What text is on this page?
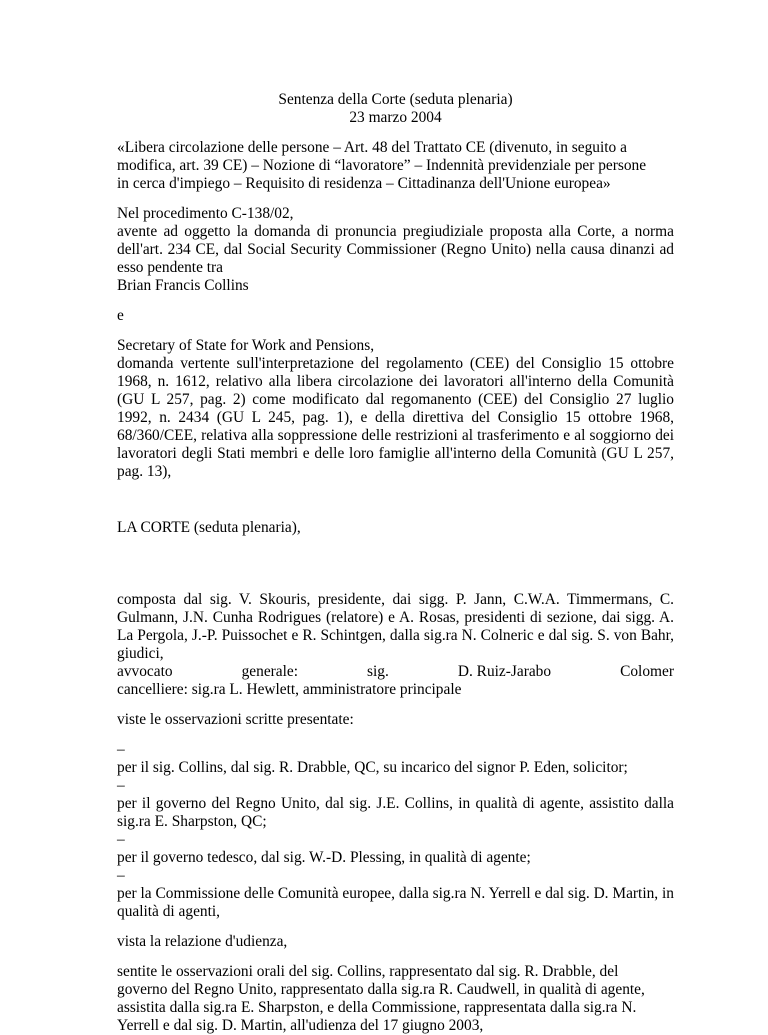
Sentenza della Corte (seduta plenaria)
23 marzo 2004

«Libera circolazione delle persone – Art. 48 del Trattato CE (divenuto, in seguito a
modifica, art. 39 CE) – Nozione di “lavoratore” – Indennità previdenziale per persone
in cerca d'impiego – Requisito di residenza – Cittadinanza dell'Unione europea»

Nel procedimento C-138/02,

avente ad oggetto la domanda di pronuncia pregiudiziale proposta alla Corte, a norma dell'art. 234 CE, dal Social Security Commissioner (Regno Unito) nella causa dinanzi ad esso pendente tra

Brian Francis Collins

e

Secretary of State for Work and Pensions,

domanda vertente sull'interpretazione del regolamento (CEE) del Consiglio 15 ottobre 1968, n. 1612, relativo alla libera circolazione dei lavoratori all'interno della Comunità (GU L 257, pag. 2) come modificato dal regomanento (CEE) del Consiglio 27 luglio 1992, n. 2434 (GU L 245, pag. 1), e della direttiva del Consiglio 15 ottobre 1968, 68/360/CEE, relativa alla soppressione delle restrizioni al trasferimento e al soggiorno dei lavoratori degli Stati membri e delle loro famiglie all'interno della Comunità (GU L 257, pag. 13),

LA CORTE (seduta plenaria),

composta dal sig. V. Skouris, presidente, dai sigg. P. Jann, C.W.A. Timmermans, C. Gulmann, J.N. Cunha Rodrigues (relatore) e A. Rosas, presidenti di sezione, dai sigg. A. La Pergola, J.-P. Puissochet e R. Schintgen, dalla sig.ra N. Colneric e dal sig. S. von Bahr, giudici,

avvocato	generale:	sig.	D. Ruiz-Jarabo	Colomer

cancelliere: sig.ra L. Hewlett, amministratore principale

viste le osservazioni scritte presentate:

–

per il sig. Collins, dal sig. R. Drabble, QC, su incarico del signor P. Eden, solicitor;

–

per il governo del Regno Unito, dal sig. J.E. Collins, in qualità di agente, assistito dalla sig.ra E. Sharpston, QC;

–

per il governo tedesco, dal sig. W.-D. Plessing, in qualità di agente;

–

per la Commissione delle Comunità europee, dalla sig.ra N. Yerrell e dal sig. D. Martin, in qualità di agenti,

vista la relazione d'udienza,

sentite le osservazioni orali del sig. Collins, rappresentato dal sig. R. Drabble, del
governo del Regno Unito, rappresentato dalla sig.ra R. Caudwell, in qualità di agente,
assistita dalla sig.ra E. Sharpston, e della Commissione, rappresentata dalla sig.ra N.
Yerrell e dal sig. D. Martin, all'udienza del 17 giugno 2003,
